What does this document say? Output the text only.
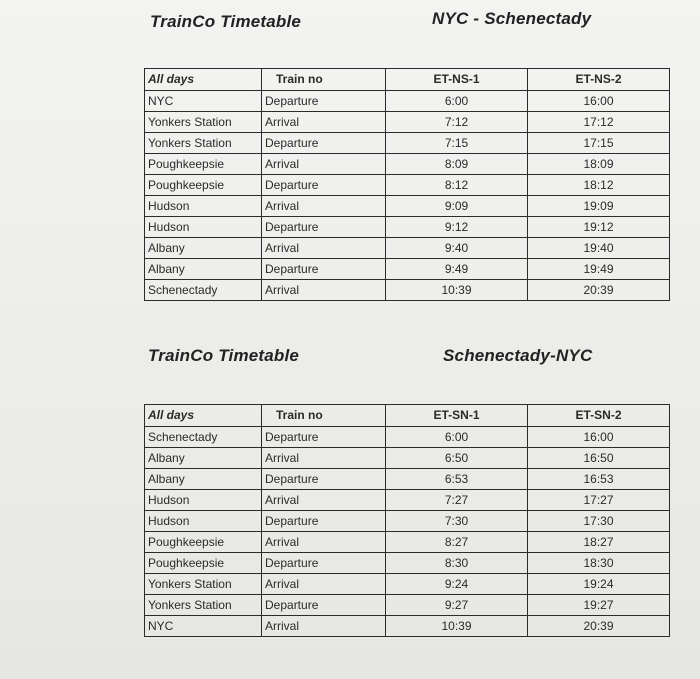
TrainCo Timetable	NYC - Schenectady
All days	Train no	ET-NS-1	ET-NS-2
NYC	Departure	6:00	16:00
Yonkers Station	Arrival	7:12	17:12
Yonkers Station	Departure	7:15	17:15
Poughkeepsie	Arrival	8:09	18:09
Poughkeepsie	Departure	8:12	18:12
Hudson	Arrival	9:09	19:09
Hudson	Departure	9:12	19:12
Albany	Arrival	9:40	19:40
Albany	Departure	9:49	19:49
Schenectady	Arrival	10:39	20:39
TrainCo Timetable	Schenectady-NYC
All days	Train no	ET-SN-1	ET-SN-2
Schenectady	Departure	6:00	16:00
Albany	Arrival	6:50	16:50
Albany	Departure	6:53	16:53
Hudson	Arrival	7:27	17:27
Hudson	Departure	7:30	17:30
Poughkeepsie	Arrival	8:27	18:27
Poughkeepsie	Departure	8:30	18:30
Yonkers Station	Arrival	9:24	19:24
Yonkers Station	Departure	9:27	19:27
NYC	Arrival	10:39	20:39
